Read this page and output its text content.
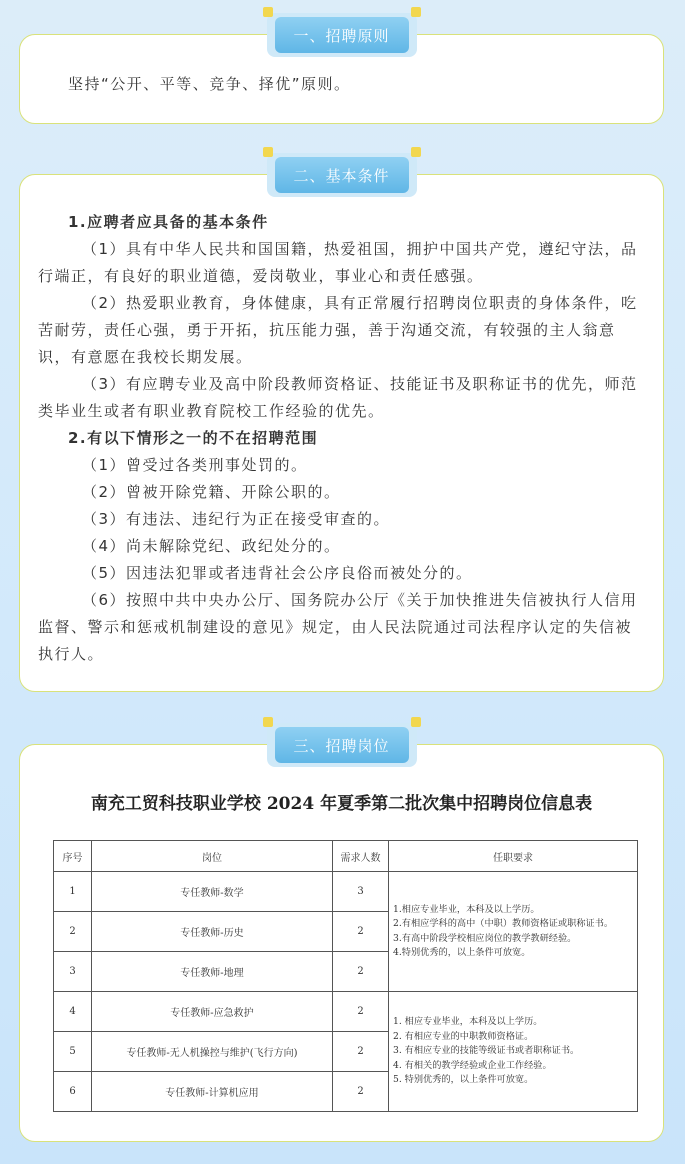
一、招聘原则

坚持“公开、平等、竞争、择优”原则。

二、基本条件

1.应聘者应具备的基本条件

（1）具有中华人民共和国国籍，热爱祖国，拥护中国共产党，遵纪守法，品行端正，有良好的职业道德，爱岗敬业，事业心和责任感强。

（2）热爱职业教育，身体健康，具有正常履行招聘岗位职责的身体条件，吃苦耐劳，责任心强，勇于开拓，抗压能力强，善于沟通交流，有较强的主人翁意识，有意愿在我校长期发展。

（3）有应聘专业及高中阶段教师资格证、技能证书及职称证书的优先，师范类毕业生或者有职业教育院校工作经验的优先。

2.有以下情形之一的不在招聘范围

（1）曾受过各类刑事处罚的。

（2）曾被开除党籍、开除公职的。

（3）有违法、违纪行为正在接受审查的。

（4）尚未解除党纪、政纪处分的。

（5）因违法犯罪或者违背社会公序良俗而被处分的。

（6）按照中共中央办公厅、国务院办公厅《关于加快推进失信被执行人信用监督、警示和惩戒机制建设的意见》规定，由人民法院通过司法程序认定的失信被执行人。

三、招聘岗位
南充工贸科技职业学校 2024 年夏季第二批次集中招聘岗位信息表
序号	岗位	需求人数	任职要求
1	专任教师-数学	3	1.相应专业毕业，本科及以上学历。
2.有相应学科的高中（中职）教师资格证或职称证书。
3.有高中阶段学校相应岗位的教学教研经验。
4.特别优秀的，以上条件可放宽。

2	专任教师-历史	2	
3	专任教师-地理	2	
4	专任教师-应急救护	2	1. 相应专业毕业，本科及以上学历。
2. 有相应专业的中职教师资格证。
3. 有相应专业的技能等级证书或者职称证书。
4. 有相关的教学经验或企业工作经验。
5. 特别优秀的，以上条件可放宽。

5	专任教师-无人机操控与维护(飞行方向)	2	
6	专任教师-计算机应用	2	
